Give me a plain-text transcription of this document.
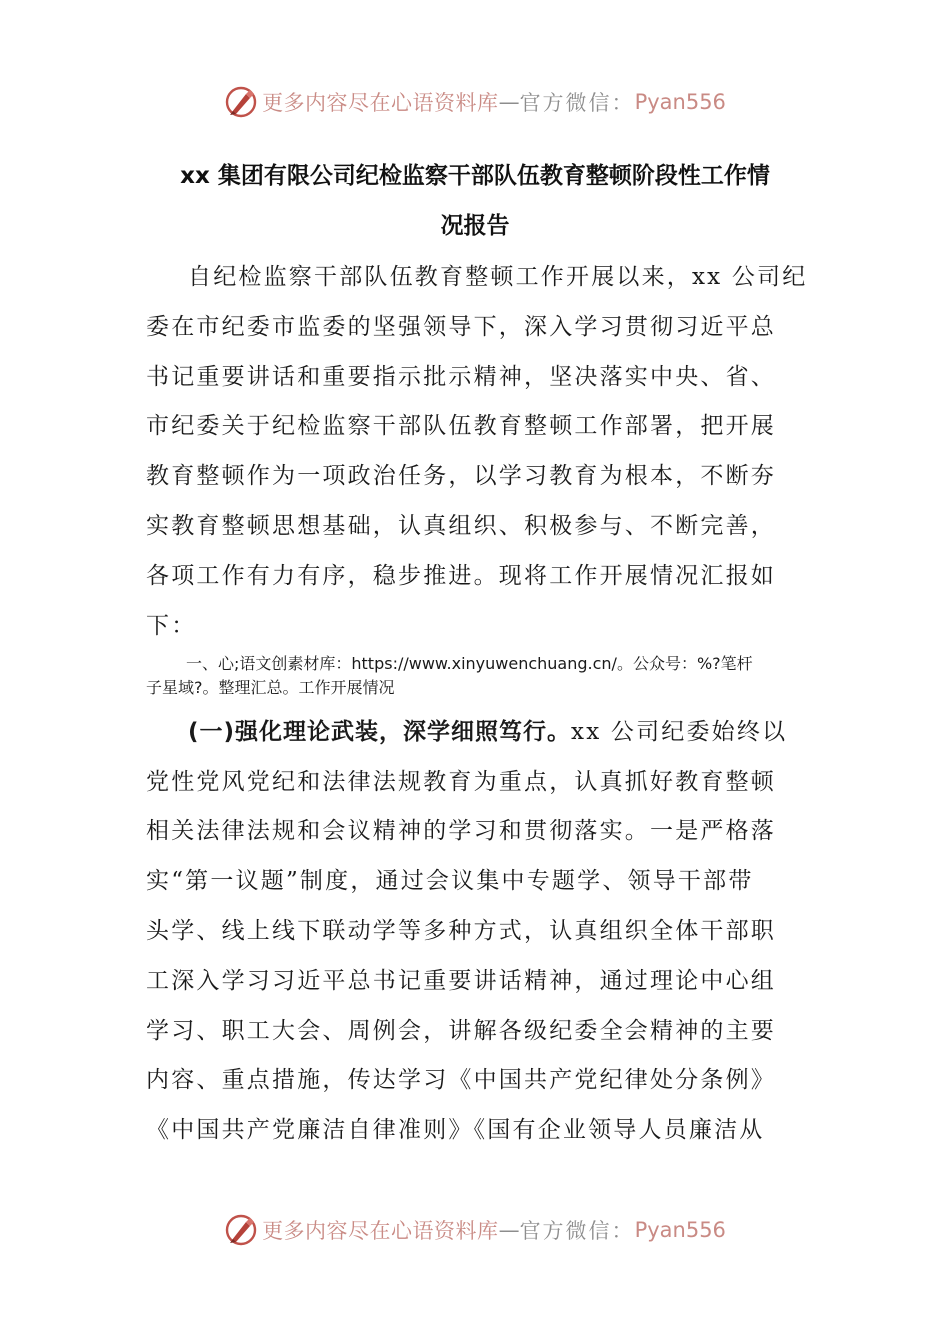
更多内容尽在心语资料库 — 官方微信： Pyan556
xx 集团有限公司纪检监察干部队伍教育整顿阶段性工作情
况报告
自纪检监察干部队伍教育整顿工作开展以来，xx 公司纪
委在市纪委市监委的坚强领导下，深入学习贯彻习近平总
书记重要讲话和重要指示批示精神，坚决落实中央、省、
市纪委关于纪检监察干部队伍教育整顿工作部署，把开展
教育整顿作为一项政治任务，以学习教育为根本，不断夯
实教育整顿思想基础，认真组织、积极参与、不断完善，
各项工作有力有序，稳步推进。现将工作开展情况汇报如
下：
一、心;语文创素材库：https://www.xinyuwenchuang.cn/。公众号：%?笔杆
子星域?。整理汇总。工作开展情况
(一)强化理论武装，深学细照笃行。xx 公司纪委始终以
党性党风党纪和法律法规教育为重点，认真抓好教育整顿
相关法律法规和会议精神的学习和贯彻落实。一是严格落
实“第一议题”制度，通过会议集中专题学、领导干部带
头学、线上线下联动学等多种方式，认真组织全体干部职
工深入学习习近平总书记重要讲话精神，通过理论中心组
学习、职工大会、周例会，讲解各级纪委全会精神的主要
内容、重点措施，传达学习《中国共产党纪律处分条例》
《中国共产党廉洁自律准则》《国有企业领导人员廉洁从
更多内容尽在心语资料库 — 官方微信： Pyan556
